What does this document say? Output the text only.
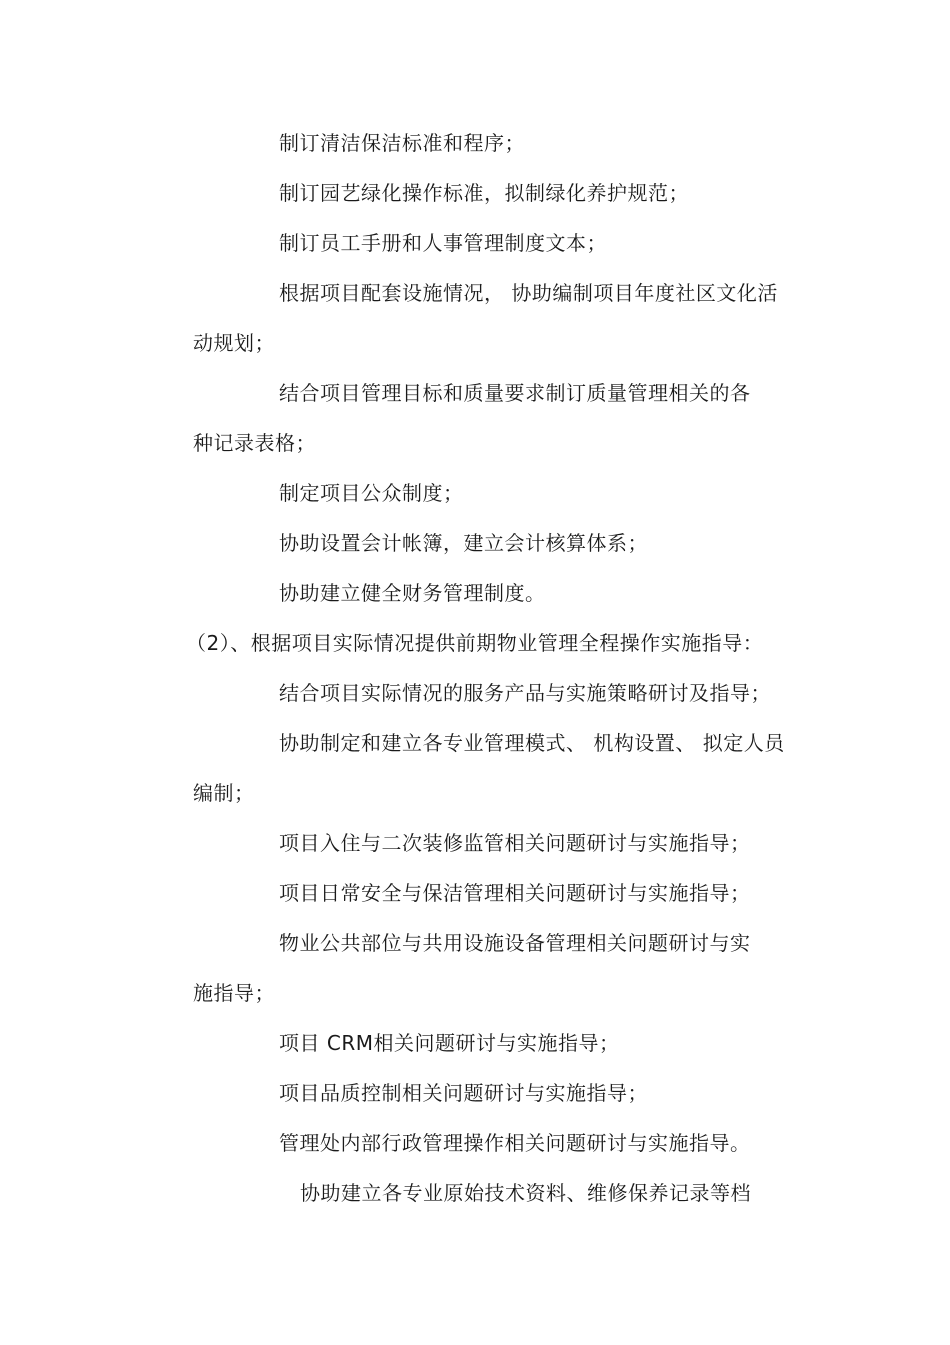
制订清洁保洁标准和程序；
制订园艺绿化操作标准，拟制绿化养护规范；
制订员工手册和人事管理制度文本；
根据项目配套设施情况， 协助编制项目年度社区文化活
动规划；
结合项目管理目标和质量要求制订质量管理相关的各
种记录表格；
制定项目公众制度；
协助设置会计帐簿，建立会计核算体系；
协助建立健全财务管理制度。
（2）、根据项目实际情况提供前期物业管理全程操作实施指导：
结合项目实际情况的服务产品与实施策略研讨及指导；
协助制定和建立各专业管理模式、 机构设置、 拟定人员
编制；
项目入住与二次装修监管相关问题研讨与实施指导；
项目日常安全与保洁管理相关问题研讨与实施指导；
物业公共部位与共用设施设备管理相关问题研讨与实
施指导；
项目 CRM相关问题研讨与实施指导；
项目品质控制相关问题研讨与实施指导；
管理处内部行政管理操作相关问题研讨与实施指导。
协助建立各专业原始技术资料、维修保养记录等档
